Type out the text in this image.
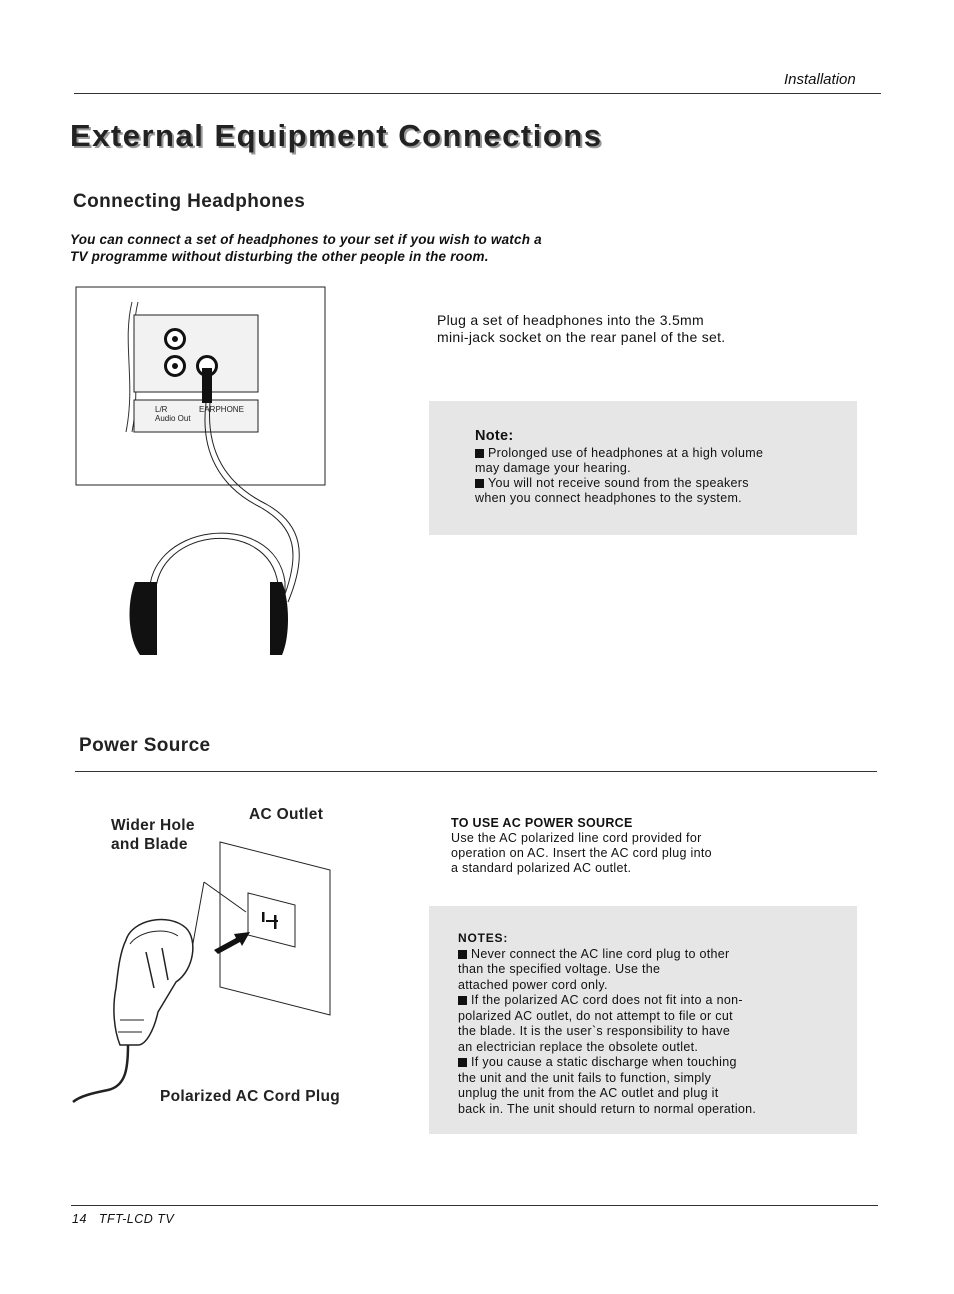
Installation
External Equipment Connections
Connecting Headphones
You can connect a set of headphones to your set if you wish to watch a
TV programme without disturbing the other people in the room.
L/R
Audio Out
EARPHONE
Plug a set of headphones into the 3.5mm
mini-jack socket on the rear panel of the set.
Note:
Prolonged use of headphones at a high volume
may damage your hearing.
You will not receive sound from the speakers
when you connect headphones to the system.
Power Source
Wider Hole
and Blade
AC Outlet
Polarized AC Cord Plug
TO USE AC POWER SOURCE
Use the AC polarized line cord provided for
operation on AC. Insert the AC cord plug into
a standard polarized AC outlet.
NOTES:
Never connect the AC line cord plug to other
than the specified voltage. Use the
attached power cord only.
If the polarized AC cord does not fit into a non-
polarized AC outlet, do not attempt to file or cut
the blade. It is the user`s responsibility to have
an electrician replace the obsolete outlet.
If you cause a static discharge when touching
the unit and the unit fails to function, simply
unplug the unit from the AC outlet and plug it
back in. The unit should return to normal operation.
14 TFT-LCD TV
